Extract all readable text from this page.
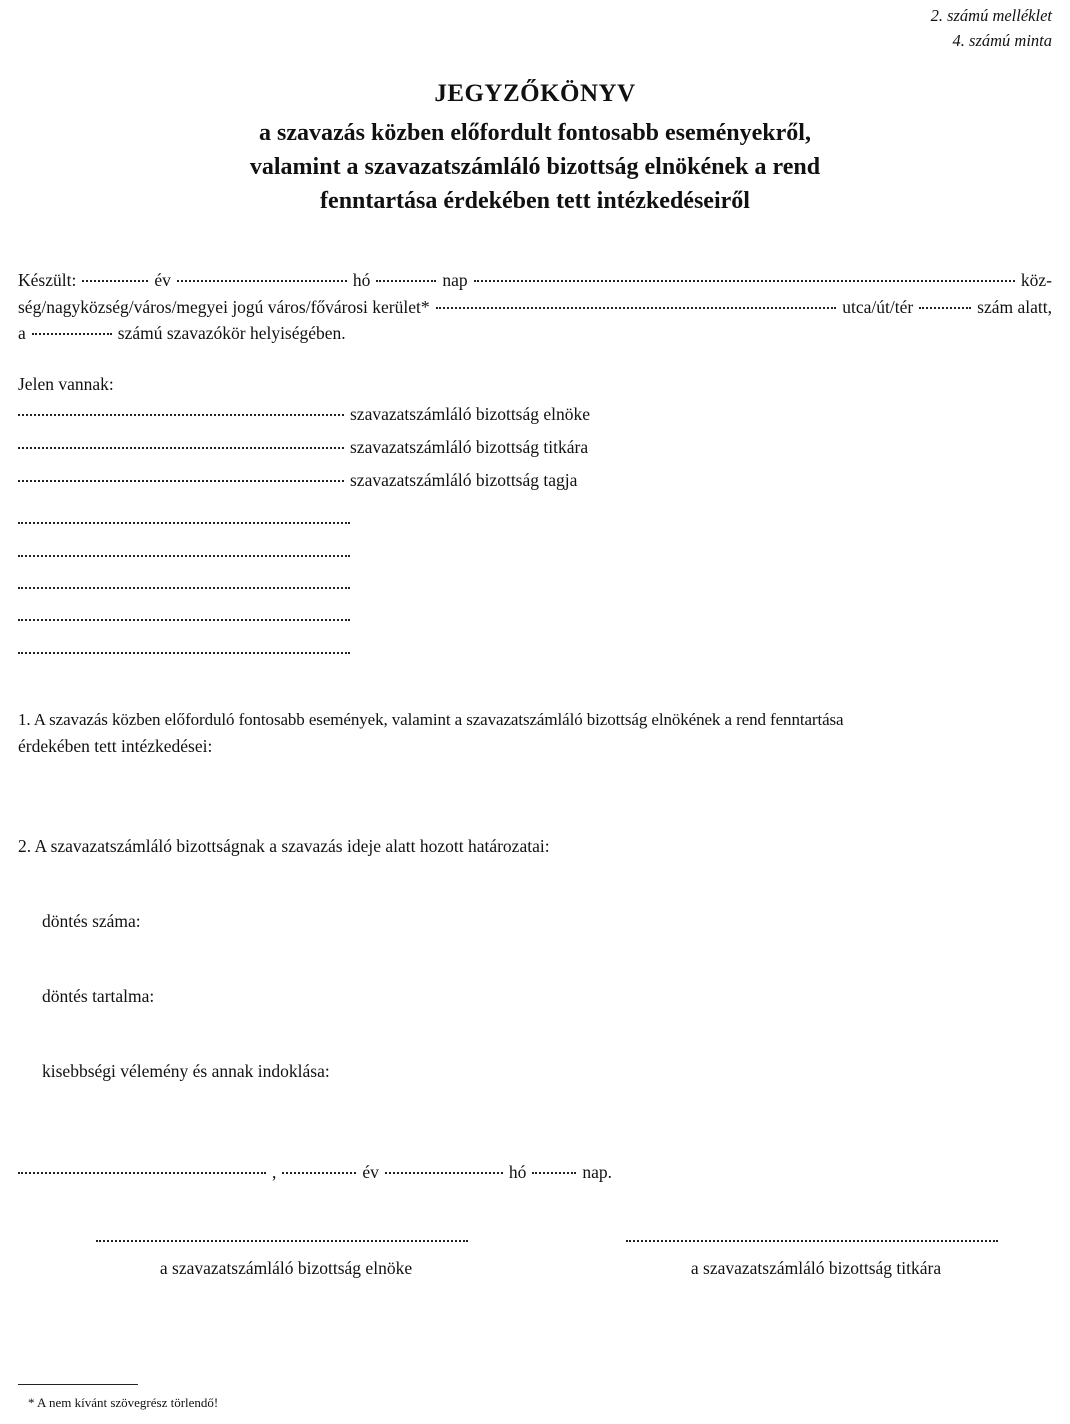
2. számú melléklet
4. számú minta
JEGYZŐKÖNYV
a szavazás közben előfordult fontosabb eseményekről,
valamint a szavazatszámláló bizottság elnökének a rend
fenntartása érdekében tett intézkedéseiről
Készült:	év	hó	nap	köz-
ség/nagyközség/város/megyei jogú város/fővárosi kerület*	utca/út/tér	szám alatt,
a	számú szavazókör helyiségében.
Jelen vannak:
szavazatszámláló bizottság elnöke
szavazatszámláló bizottság titkára
szavazatszámláló bizottság tagja
1. A szavazás közben előforduló fontosabb események, valamint a szavazatszámláló bizottság elnökének a rend fenntartása
érdekében tett intézkedései:
2. A szavazatszámláló bizottságnak a szavazás ideje alatt hozott határozatai:
döntés száma:
döntés tartalma:
kisebbségi vélemény és annak indoklása:
,	év	hó	nap.
a szavazatszámláló bizottság elnöke	a szavazatszámláló bizottság titkára
* A nem kívánt szövegrész törlendő!
